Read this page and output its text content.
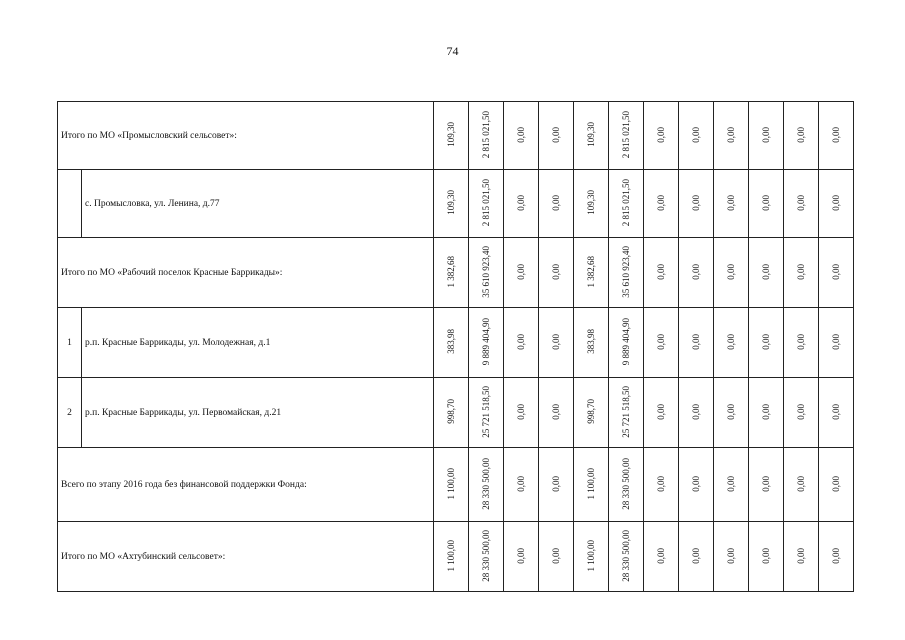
74
Итого по МО «Промысловский сельсовет»:		109,30	2 815 021,50	0,00	0,00	109,30	2 815 021,50	0,00	0,00	0,00	0,00	0,00	0,00
	с. Промысловка, ул. Ленина, д.77	109,30	2 815 021,50	0,00	0,00	109,30	2 815 021,50	0,00	0,00	0,00	0,00	0,00	0,00
Итого по МО «Рабочий поселок Красные Баррикады»:		1 382,68	35 610 923,40	0,00	0,00	1 382,68	35 610 923,40	0,00	0,00	0,00	0,00	0,00	0,00
1	р.п. Красные Баррикады, ул. Молодежная, д.1	383,98	9 889 404,90	0,00	0,00	383,98	9 889 404,90	0,00	0,00	0,00	0,00	0,00	0,00
2	р.п. Красные Баррикады, ул. Первомайская, д.21	998,70	25 721 518,50	0,00	0,00	998,70	25 721 518,50	0,00	0,00	0,00	0,00	0,00	0,00
Всего по этапу 2016 года без финансовой поддержки Фонда:		1 100,00	28 330 500,00	0,00	0,00	1 100,00	28 330 500,00	0,00	0,00	0,00	0,00	0,00	0,00
Итого по МО «Ахтубинский сельсовет»:		1 100,00	28 330 500,00	0,00	0,00	1 100,00	28 330 500,00	0,00	0,00	0,00	0,00	0,00	0,00
